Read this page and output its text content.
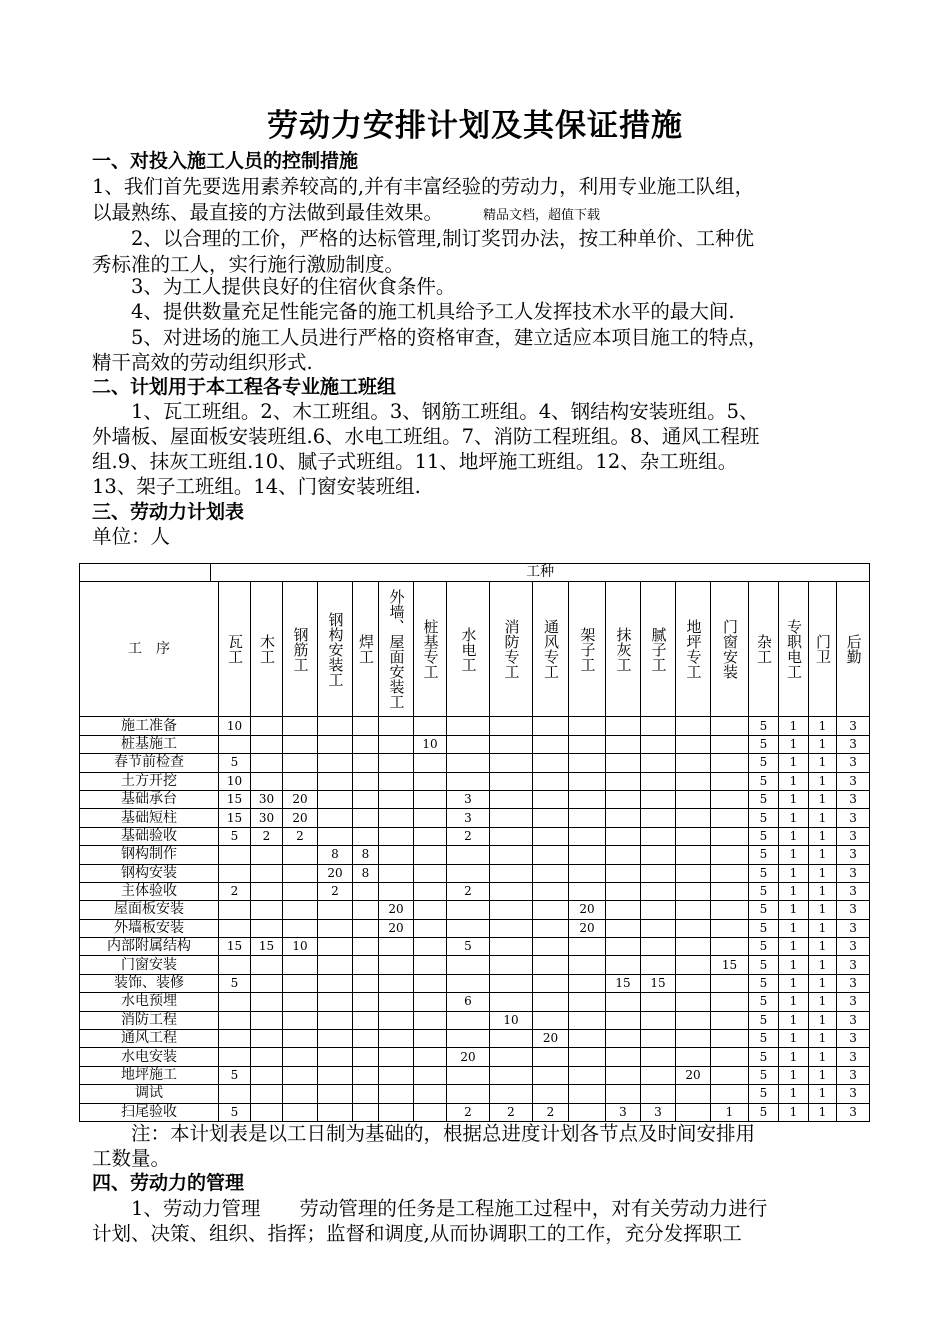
劳动力安排计划及其保证措施
一、对投入施工人员的控制措施
1、我们首先要选用素养较高的,并有丰富经验的劳动力，利用专业施工队组，
以最熟练、最直接的方法做到最佳效果。	精品文档，超值下载
　　2、以合理的工价，严格的达标管理,制订奖罚办法，按工种单价、工种优
秀标准的工人，实行施行激励制度。
　　3、为工人提供良好的住宿伙食条件。
　　4、提供数量充足性能完备的施工机具给予工人发挥技术水平的最大间.
　　5、对进场的施工人员进行严格的资格审查，建立适应本项目施工的特点，
精干高效的劳动组织形式.
二、计划用于本工程各专业施工班组
　　1、瓦工班组。2、木工班组。3、钢筋工班组。4、钢结构安装班组。5、
外墙板、屋面板安装班组.6、水电工班组。7、消防工程班组。8、通风工程班
组.9、抹灰工班组.10、腻子式班组。11、地坪施工班组。12、杂工班组。
13、架子工班组。14、门窗安装班组.
三、劳动力计划表
单位：人
	工种																			
工　序		瓦工	木工	钢筋工	钢构安装工	焊工	外墙、屋面安装工	桩基专工	水电工	消防专工	通风专工	架子工	抹灰工	腻子工	地坪专工	门窗安装	杂工	专职电工	门卫	后勤
施工准备		10															5	1	1	3
桩基施工								10									5	1	1	3
春节前检查		5															5	1	1	3
土方开挖		10															5	1	1	3
基础承台		15	30	20					3								5	1	1	3
基础短柱		15	30	20					3								5	1	1	3
基础验收		5	2	2					2								5	1	1	3
钢构制作					8	8											5	1	1	3
钢构安装					20	8											5	1	1	3
主体验收		2			2				2								5	1	1	3
屋面板安装							20					20					5	1	1	3
外墙板安装							20					20					5	1	1	3
内部附属结构		15	15	10					5								5	1	1	3
门窗安装																15	5	1	1	3
装饰、装修		5											15	15			5	1	1	3
水电预埋									6								5	1	1	3
消防工程										10							5	1	1	3
通风工程											20						5	1	1	3
水电安装									20								5	1	1	3
地坪施工		5													20		5	1	1	3
调试																	5	1	1	3
扫尾验收		5							2	2	2		3	3		1	5	1	1	3
　　注：本计划表是以工日制为基础的，根据总进度计划各节点及时间安排用
工数量。
四、劳动力的管理
　　1、劳动力管理　　劳动管理的任务是工程施工过程中，对有关劳动力进行
计划、决策、组织、指挥；监督和调度,从而协调职工的工作，充分发挥职工
